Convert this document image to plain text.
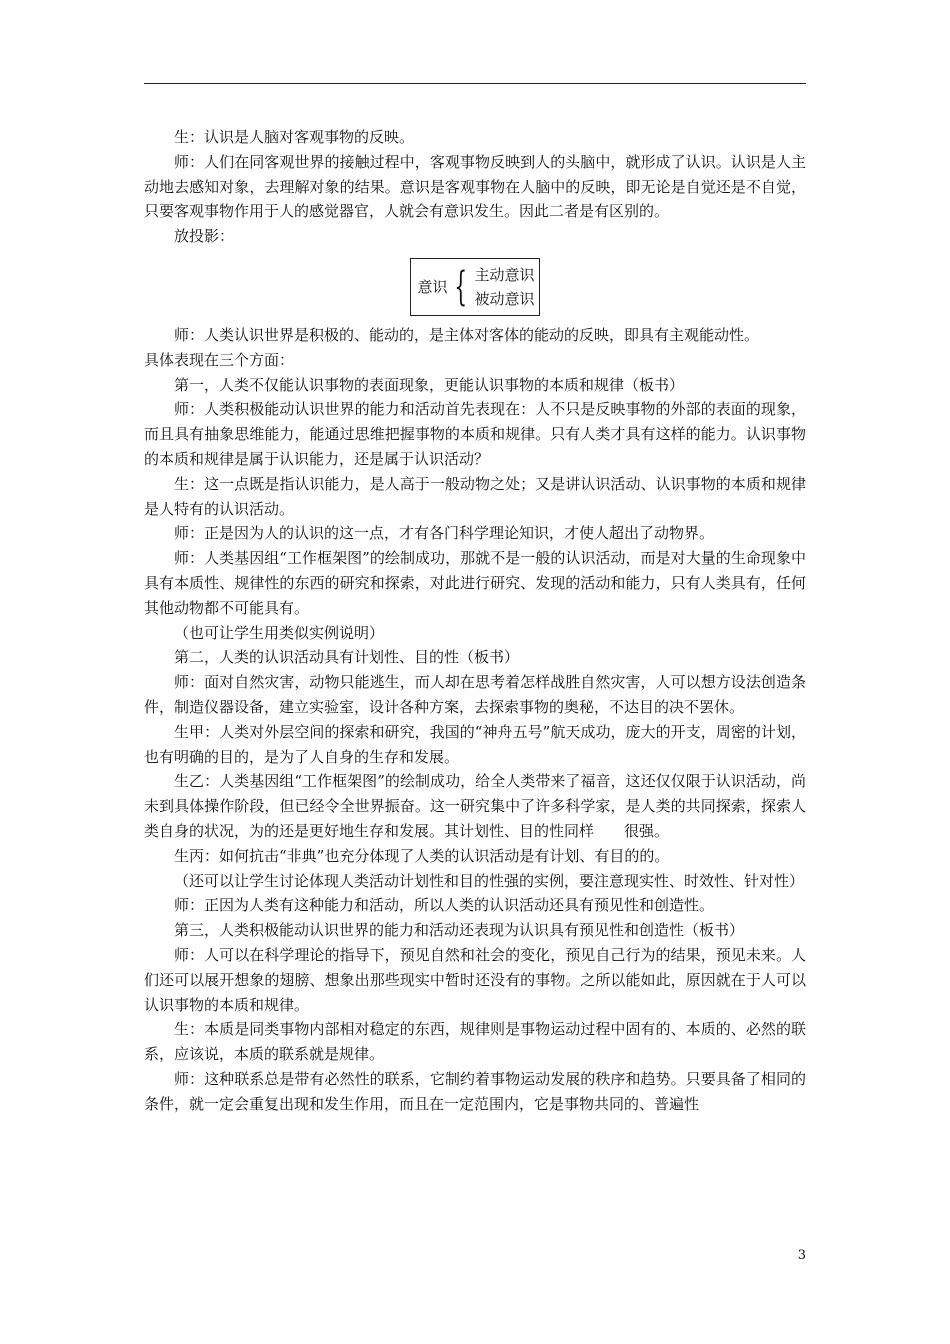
生：认识是人脑对客观事物的反映。

师：人们在同客观世界的接触过程中，客观事物反映到人的头脑中，就形成了认识。认识是人主动地去感知对象，去理解对象的结果。意识是客观事物在人脑中的反映，即无论是自觉还是不自觉，只要客观事物作用于人的感觉器官，人就会有意识发生。因此二者是有区别的。

放投影：

意识 { 主动意识
被动意识

师：人类认识世界是积极的、能动的，是主体对客体的能动的反映，即具有主观能动性。

具体表现在三个方面：

第一，人类不仅能认识事物的表面现象，更能认识事物的本质和规律（板书）

师：人类积极能动认识世界的能力和活动首先表现在：人不只是反映事物的外部的表面的现象，而且具有抽象思维能力，能通过思维把握事物的本质和规律。只有人类才具有这样的能力。认识事物的本质和规律是属于认识能力，还是属于认识活动？

生：这一点既是指认识能力，是人高于一般动物之处；又是讲认识活动、认识事物的本质和规律是人特有的认识活动。

师：正是因为人的认识的这一点，才有各门科学理论知识，才使人超出了动物界。

师：人类基因组“工作框架图”的绘制成功，那就不是一般的认识活动，而是对大量的生命现象中具有本质性、规律性的东西的研究和探索，对此进行研究、发现的活动和能力，只有人类具有，任何其他动物都不可能具有。

（也可让学生用类似实例说明）

第二，人类的认识活动具有计划性、目的性（板书）

师：面对自然灾害，动物只能逃生，而人却在思考着怎样战胜自然灾害，人可以想方设法创造条件，制造仪器设备，建立实验室，设计各种方案，去探索事物的奥秘，不达目的决不罢休。

生甲：人类对外层空间的探索和研究，我国的“神舟五号”航天成功，庞大的开支，周密的计划，也有明确的目的，是为了人自身的生存和发展。

生乙：人类基因组“工作框架图”的绘制成功，给全人类带来了福音，这还仅仅限于认识活动，尚未到具体操作阶段，但已经令全世界振奋。这一研究集中了许多科学家，是人类的共同探索，探索人类自身的状况，为的还是更好地生存和发展。其计划性、目的性同样　　很强。

生丙：如何抗击“非典”也充分体现了人类的认识活动是有计划、有目的的。

（还可以让学生讨论体现人类活动计划性和目的性强的实例，要注意现实性、时效性、针对性）

师：正因为人类有这种能力和活动，所以人类的认识活动还具有预见性和创造性。

第三，人类积极能动认识世界的能力和活动还表现为认识具有预见性和创造性（板书）

师：人可以在科学理论的指导下，预见自然和社会的变化，预见自己行为的结果，预见未来。人们还可以展开想象的翅膀、想象出那些现实中暂时还没有的事物。之所以能如此，原因就在于人可以认识事物的本质和规律。

生：本质是同类事物内部相对稳定的东西，规律则是事物运动过程中固有的、本质的、必然的联系，应该说，本质的联系就是规律。

师：这种联系总是带有必然性的联系，它制约着事物运动发展的秩序和趋势。只要具备了相同的条件，就一定会重复出现和发生作用，而且在一定范围内，它是事物共同的、普遍性

3
